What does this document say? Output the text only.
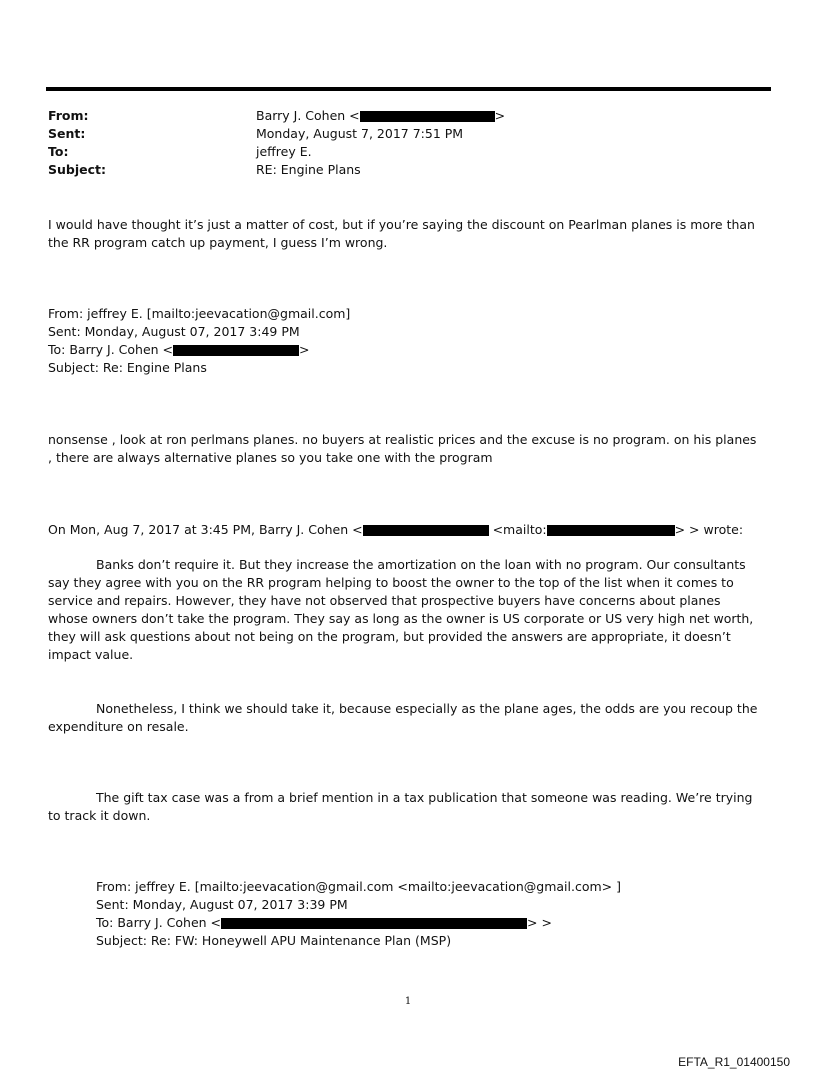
From:	Barry J. Cohen <	>
Sent:	Monday, August 7, 2017 7:51 PM
To:	jeffrey E.
Subject:	RE: Engine Plans

I would have thought it’s just a matter of cost, but if you’re saying the discount on Pearlman planes is more than the RR program catch up payment, I guess I’m wrong.

From: jeffrey E. [mailto:jeevacation@gmail.com]
Sent: Monday, August 07, 2017 3:49 PM
To: Barry J. Cohen <	>
Subject: Re: Engine Plans

nonsense , look at ron perlmans planes. no buyers at realistic prices and the excuse is no program. on his planes , there are always alternative planes so you take one with the program

On Mon, Aug 7, 2017 at 3:45 PM, Barry J. Cohen <	<mailto:	> > wrote:

Banks don’t require it. But they increase the amortization on the loan with no program. Our consultants say they agree with you on the RR program helping to boost the owner to the top of the list when it comes to service and repairs. However, they have not observed that prospective buyers have concerns about planes whose owners don’t take the program. They say as long as the owner is US corporate or US very high net worth, they will ask questions about not being on the program, but provided the answers are appropriate, it doesn’t impact value.

Nonetheless, I think we should take it, because especially as the plane ages, the odds are you recoup the expenditure on resale.

The gift tax case was a from a brief mention in a tax publication that someone was reading. We’re trying to track it down.

From: jeffrey E. [mailto:jeevacation@gmail.com <mailto:jeevacation@gmail.com> ]
Sent: Monday, August 07, 2017 3:39 PM
To: Barry J. Cohen <	> >
Subject: Re: FW: Honeywell APU Maintenance Plan (MSP)
1
EFTA_R1_01400150
